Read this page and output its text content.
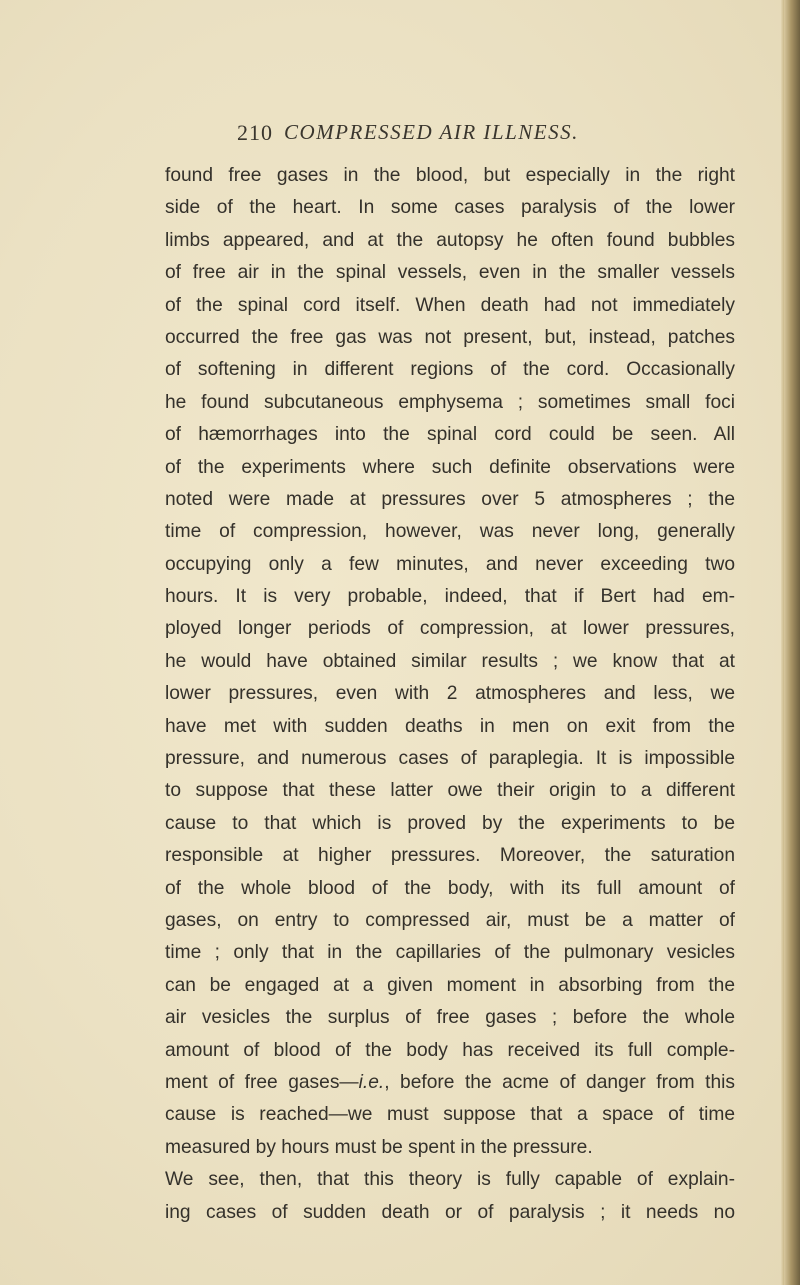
210 COMPRESSED AIR ILLNESS.
found free gases in the blood, but especially in the right
side of the heart. In some cases paralysis of the lower
limbs appeared, and at the autopsy he often found bubbles
of free air in the spinal vessels, even in the smaller vessels
of the spinal cord itself. When death had not immediately
occurred the free gas was not present, but, instead, patches
of softening in different regions of the cord. Occasionally
he found subcutaneous emphysema ; sometimes small foci
of hæmorrhages into the spinal cord could be seen. All
of the experiments where such definite observations were
noted were made at pressures over 5 atmospheres ; the
time of compression, however, was never long, generally
occupying only a few minutes, and never exceeding two
hours. It is very probable, indeed, that if Bert had em-
ployed longer periods of compression, at lower pressures,
he would have obtained similar results ; we know that at
lower pressures, even with 2 atmospheres and less, we
have met with sudden deaths in men on exit from the
pressure, and numerous cases of paraplegia. It is impossible
to suppose that these latter owe their origin to a different
cause to that which is proved by the experiments to be
responsible at higher pressures. Moreover, the saturation
of the whole blood of the body, with its full amount of
gases, on entry to compressed air, must be a matter of
time ; only that in the capillaries of the pulmonary vesicles
can be engaged at a given moment in absorbing from the
air vesicles the surplus of free gases ; before the whole
amount of blood of the body has received its full comple-
ment of free gases—i.e., before the acme of danger from this
cause is reached—we must suppose that a space of time
measured by hours must be spent in the pressure.
We see, then, that this theory is fully capable of explain-
ing cases of sudden death or of paralysis ; it needs no
